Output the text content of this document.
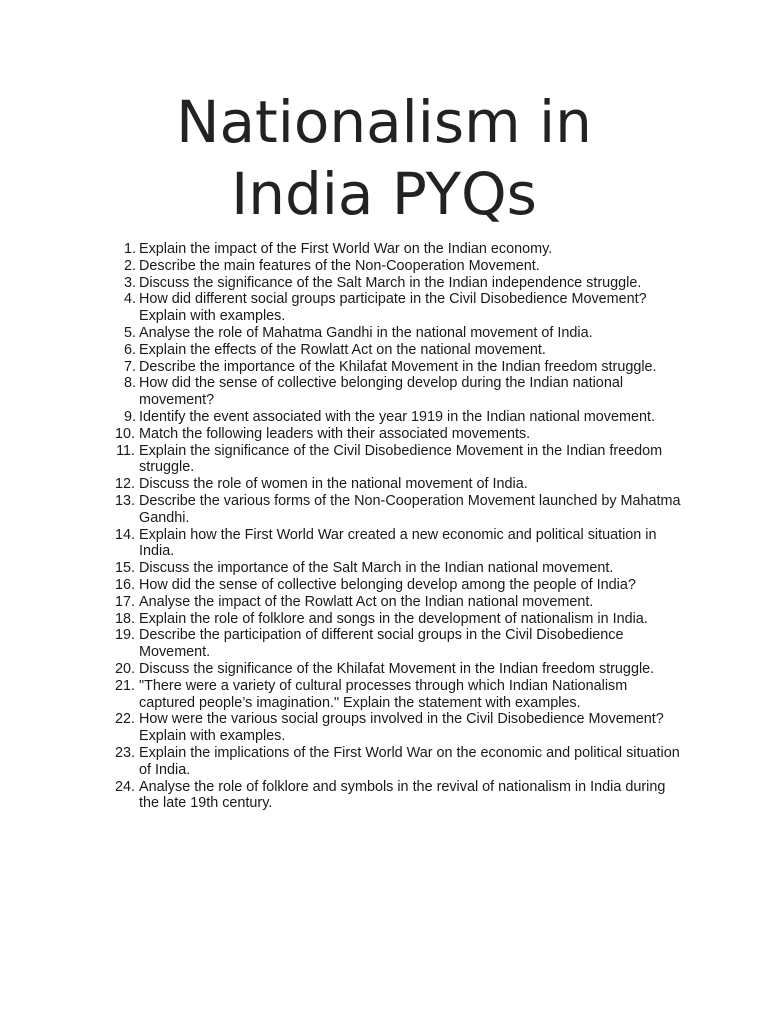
Nationalism in
India PYQs
1. Explain the impact of the First World War on the Indian economy.
2. Describe the main features of the Non-Cooperation Movement.
3. Discuss the significance of the Salt March in the Indian independence struggle.
4. How did different social groups participate in the Civil Disobedience Movement? Explain with examples.
5. Analyse the role of Mahatma Gandhi in the national movement of India.
6. Explain the effects of the Rowlatt Act on the national movement.
7. Describe the importance of the Khilafat Movement in the Indian freedom struggle.
8. How did the sense of collective belonging develop during the Indian national movement?
9. Identify the event associated with the year 1919 in the Indian national movement.
10. Match the following leaders with their associated movements.
11. Explain the significance of the Civil Disobedience Movement in the Indian freedom struggle.
12. Discuss the role of women in the national movement of India.
13. Describe the various forms of the Non-Cooperation Movement launched by Mahatma Gandhi.
14. Explain how the First World War created a new economic and political situation in India.
15. Discuss the importance of the Salt March in the Indian national movement.
16. How did the sense of collective belonging develop among the people of India?
17. Analyse the impact of the Rowlatt Act on the Indian national movement.
18. Explain the role of folklore and songs in the development of nationalism in India.
19. Describe the participation of different social groups in the Civil Disobedience Movement.
20. Discuss the significance of the Khilafat Movement in the Indian freedom struggle.
21. "There were a variety of cultural processes through which Indian Nationalism captured people’s imagination." Explain the statement with examples.
22. How were the various social groups involved in the Civil Disobedience Movement? Explain with examples.
23. Explain the implications of the First World War on the economic and political situation of India.
24. Analyse the role of folklore and symbols in the revival of nationalism in India during the late 19th century.
